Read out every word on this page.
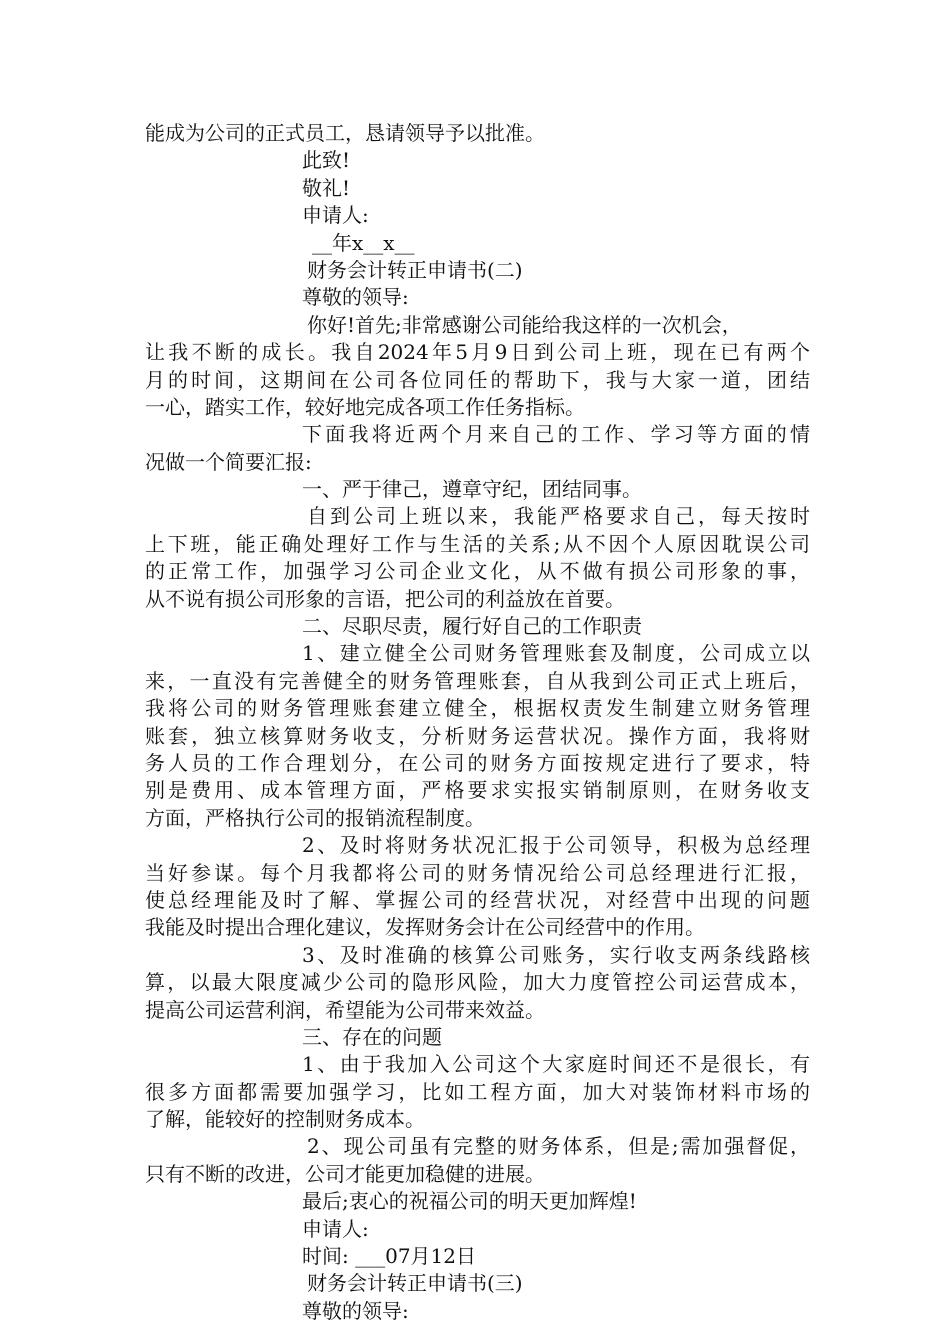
能成为公司的正式员工，恳请领导予以批准。
此致!
敬礼!
申请人:
__年x__x__
财务会计转正申请书(二)
尊敬的领导:
你好!首先;非常感谢公司能给我这样的一次机会，
让我不断的成长。我自2024年5月9日到公司上班，现在已有两个
月的时间，这期间在公司各位同任的帮助下，我与大家一道，团结
一心，踏实工作，较好地完成各项工作任务指标。
下面我将近两个月来自己的工作、学习等方面的情
况做一个简要汇报:
一、严于律己，遵章守纪，团结同事。
自到公司上班以来，我能严格要求自己，每天按时
上下班，能正确处理好工作与生活的关系;从不因个人原因耽误公司
的正常工作，加强学习公司企业文化，从不做有损公司形象的事，
从不说有损公司形象的言语，把公司的利益放在首要。
二、尽职尽责，履行好自己的工作职责
1、建立健全公司财务管理账套及制度，公司成立以
来，一直没有完善健全的财务管理账套，自从我到公司正式上班后，
我将公司的财务管理账套建立健全，根据权责发生制建立财务管理
账套，独立核算财务收支，分析财务运营状况。操作方面，我将财
务人员的工作合理划分，在公司的财务方面按规定进行了要求，特
别是费用、成本管理方面，严格要求实报实销制原则，在财务收支
方面，严格执行公司的报销流程制度。
2、及时将财务状况汇报于公司领导，积极为总经理
当好参谋。每个月我都将公司的财务情况给公司总经理进行汇报，
使总经理能及时了解、掌握公司的经营状况，对经营中出现的问题
我能及时提出合理化建议，发挥财务会计在公司经营中的作用。
3、及时准确的核算公司账务，实行收支两条线路核
算，以最大限度减少公司的隐形风险，加大力度管控公司运营成本，
提高公司运营利润，希望能为公司带来效益。
三、存在的问题
1、由于我加入公司这个大家庭时间还不是很长，有
很多方面都需要加强学习，比如工程方面，加大对装饰材料市场的
了解，能较好的控制财务成本。
2、现公司虽有完整的财务体系，但是;需加强督促，
只有不断的改进，公司才能更加稳健的进展。
最后;衷心的祝福公司的明天更加辉煌!
申请人:
时间: ___07月12日
财务会计转正申请书(三)
尊敬的领导:
